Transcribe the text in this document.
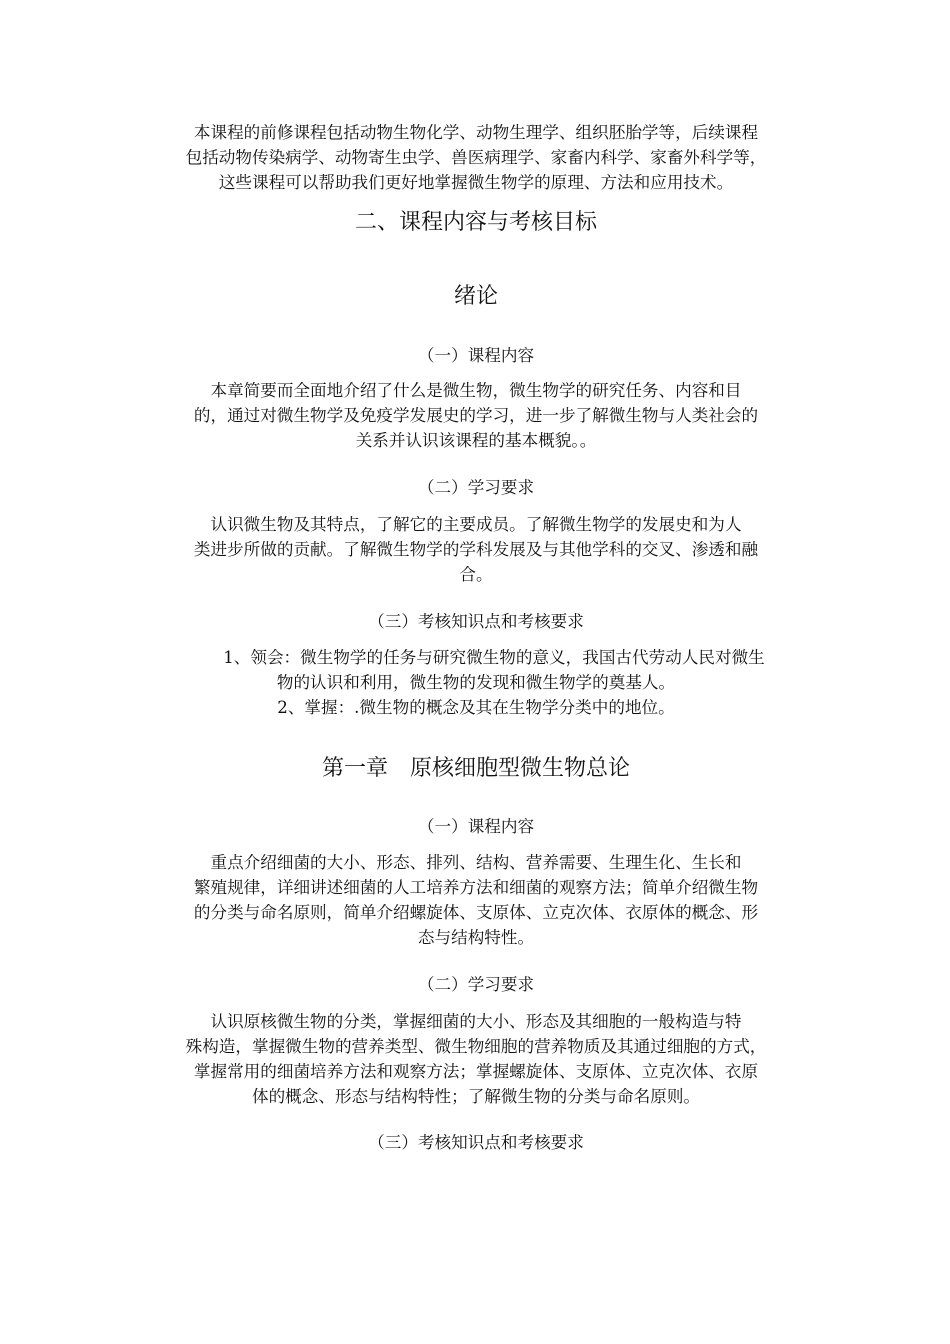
本课程的前修课程包括动物生物化学、动物生理学、组织胚胎学等，后续课程

包括动物传染病学、动物寄生虫学、兽医病理学、家畜内科学、家畜外科学等，

这些课程可以帮助我们更好地掌握微生物学的原理、方法和应用技术。

二、课程内容与考核目标
绪论

（一）课程内容

本章简要而全面地介绍了什么是微生物，微生物学的研究任务、内容和目

的，通过对微生物学及免疫学发展史的学习，进一步了解微生物与人类社会的

关系并认识该课程的基本概貌。。

（二）学习要求

认识微生物及其特点，了解它的主要成员。了解微生物学的发展史和为人

类进步所做的贡献。了解微生物学的学科发展及与其他学科的交叉、渗透和融

合。

（三）考核知识点和考核要求

1、领会：微生物学的任务与研究微生物的意义，我国古代劳动人民对微生

物的认识和利用，微生物的发现和微生物学的奠基人。

2、掌握：.微生物的概念及其在生物学分类中的地位。

第一章　原核细胞型微生物总论

（一）课程内容

重点介绍细菌的大小、形态、排列、结构、营养需要、生理生化、生长和

繁殖规律，详细讲述细菌的人工培养方法和细菌的观察方法；简单介绍微生物

的分类与命名原则，简单介绍螺旋体、支原体、立克次体、衣原体的概念、形

态与结构特性。

（二）学习要求

认识原核微生物的分类，掌握细菌的大小、形态及其细胞的一般构造与特

殊构造，掌握微生物的营养类型、微生物细胞的营养物质及其通过细胞的方式，

掌握常用的细菌培养方法和观察方法；掌握螺旋体、支原体、立克次体、衣原

体的概念、形态与结构特性；了解微生物的分类与命名原则。

（三）考核知识点和考核要求
